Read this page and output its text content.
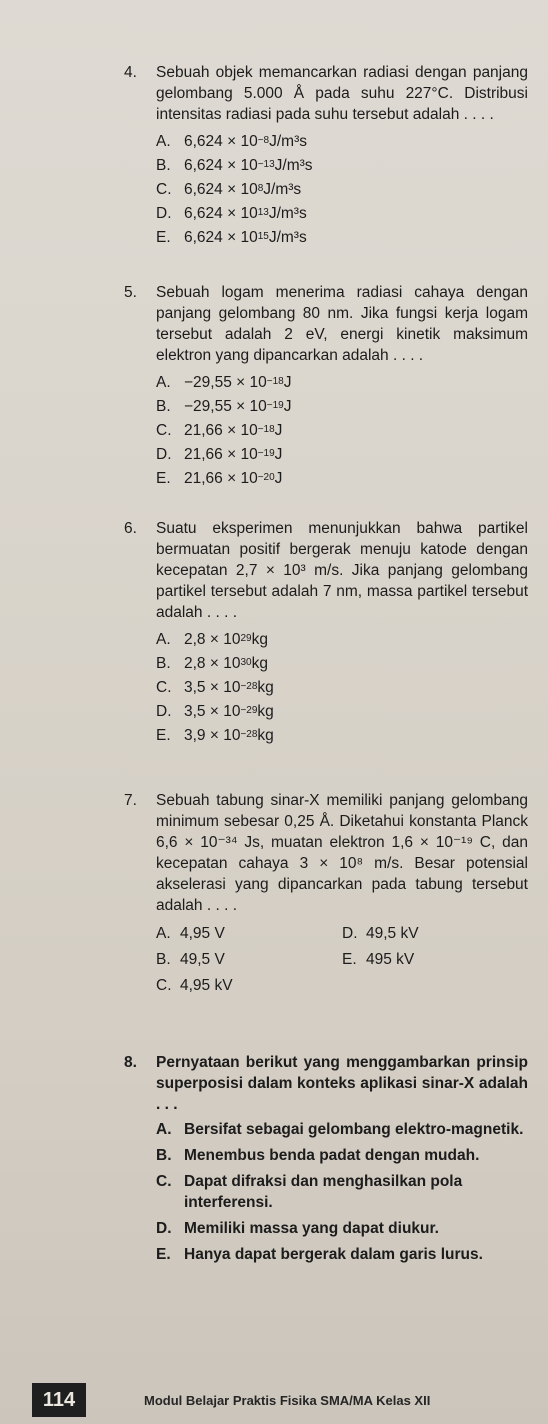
4. Sebuah objek memancarkan radiasi dengan panjang gelombang 5.000 Å pada suhu 227°C. Distribusi intensitas radiasi pada suhu tersebut adalah . . . .
A. 6,624 × 10 −8 J/m³s
B. 6,624 × 10 −13 J/m³s
C. 6,624 × 10 8 J/m³s
D. 6,624 × 10 13 J/m³s
E. 6,624 × 10 15 J/m³s
5. Sebuah logam menerima radiasi cahaya dengan panjang gelombang 80 nm. Jika fungsi kerja logam tersebut adalah 2 eV, energi kinetik maksimum elektron yang dipancarkan adalah . . . .
A. −29,55 × 10 −18 J
B. −29,55 × 10 −19 J
C. 21,66 × 10 −18 J
D. 21,66 × 10 −19 J
E. 21,66 × 10 −20 J
6. Suatu eksperimen menunjukkan bahwa partikel bermuatan positif bergerak menuju katode dengan kecepatan 2,7 × 10³ m/s. Jika panjang gelombang partikel tersebut adalah 7 nm, massa partikel tersebut adalah . . . .
A. 2,8 × 10 29 kg
B. 2,8 × 10 30 kg
C. 3,5 × 10 −28 kg
D. 3,5 × 10 −29 kg
E. 3,9 × 10 −28 kg
7. Sebuah tabung sinar-X memiliki panjang gelombang minimum sebesar 0,25 Å. Diketahui konstanta Planck 6,6 × 10⁻³⁴ Js, muatan elektron 1,6 × 10⁻¹⁹ C, dan kecepatan cahaya 3 × 10⁸ m/s. Besar potensial akselerasi yang dipancarkan pada tabung tersebut adalah . . . .
A. 4,95 V	D. 49,5 kV
B. 49,5 V	E. 495 kV
C. 4,95 kV
8. Pernyataan berikut yang menggambarkan prinsip superposisi dalam konteks aplikasi sinar-X adalah . . .
A. Bersifat sebagai gelombang elektro-magnetik.
B. Menembus benda padat dengan mudah.
C. Dapat difraksi dan menghasilkan pola interferensi.
D. Memiliki massa yang dapat diukur.
E. Hanya dapat bergerak dalam garis lurus.
114	Modul Belajar Praktis Fisika SMA/MA Kelas XII
